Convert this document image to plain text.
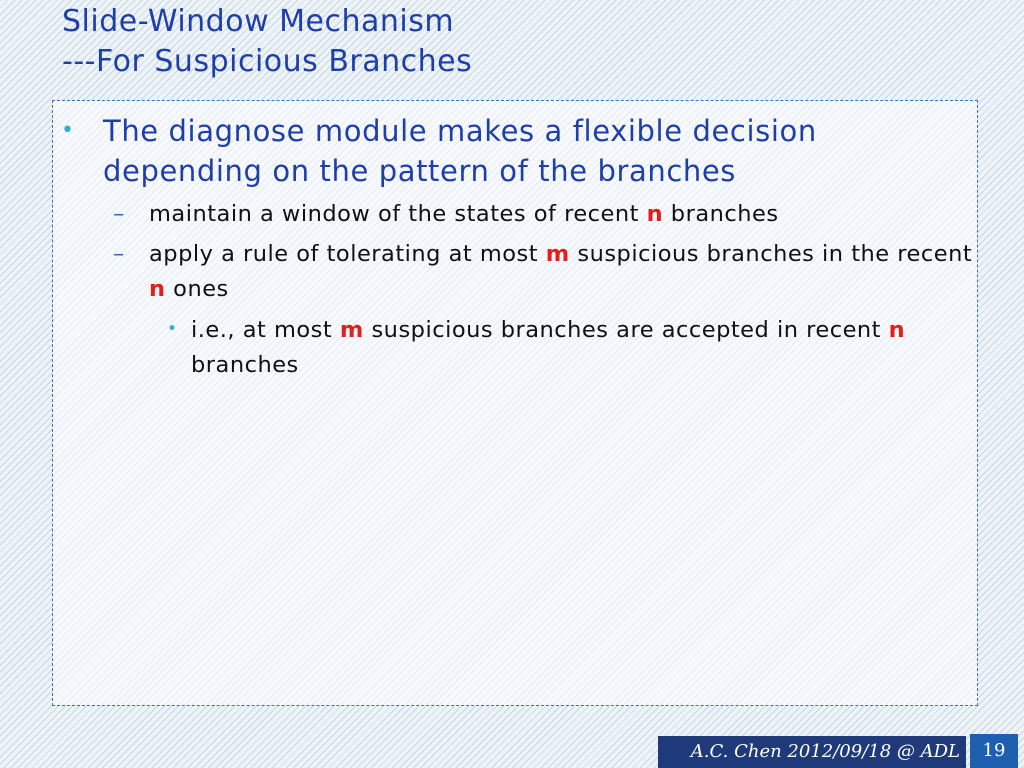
Slide-Window Mechanism
---For Suspicious Branches
• The diagnose module makes a flexible decision depending on the pattern of the branches
– maintain a window of the states of recent n branches
– apply a rule of tolerating at most m suspicious branches in the recent n ones
• i.e., at most m suspicious branches are accepted in recent n branches
A.C. Chen 2012/09/18 @ ADL	19
